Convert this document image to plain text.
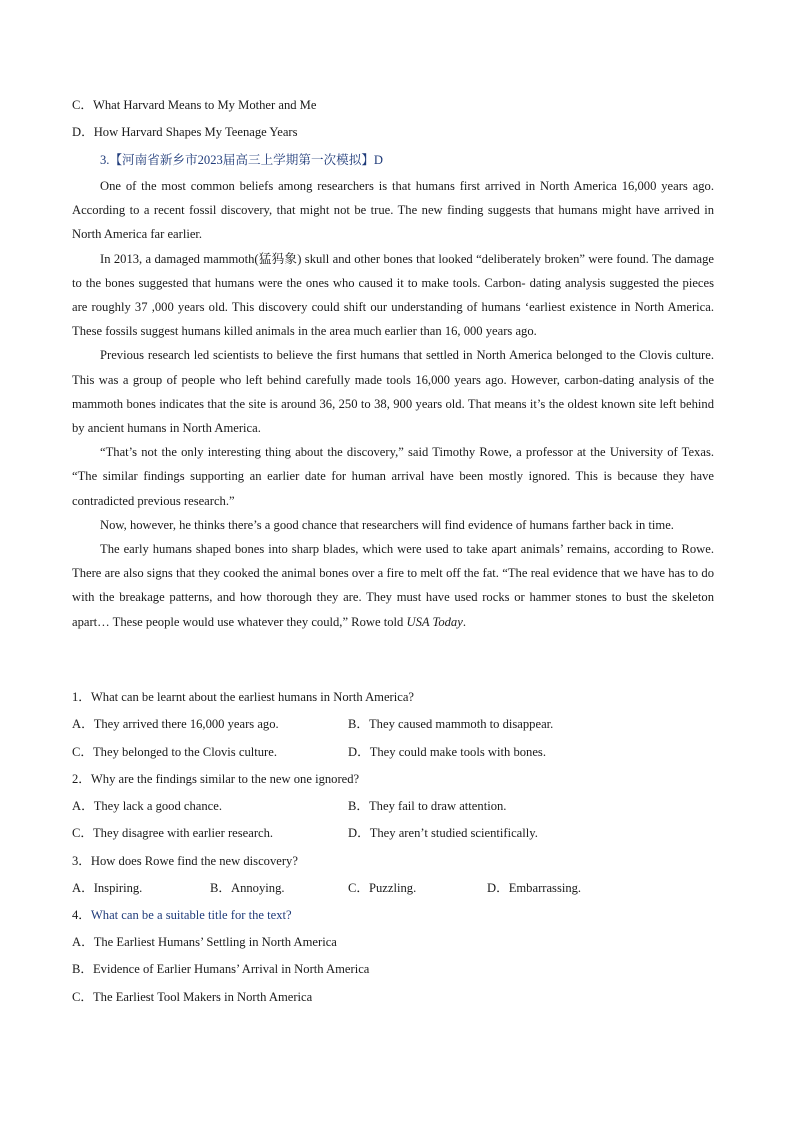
C．What Harvard Means to My Mother and Me
D．How Harvard Shapes My Teenage Years
3.【河南省新乡市2023届高三上学期第一次模拟】D

One of the most common beliefs among researchers is that humans first arrived in North America 16,000 years ago. According to a recent fossil discovery, that might not be true. The new finding suggests that humans might have arrived in North America far earlier.

In 2013, a damaged mammoth(猛犸象) skull and other bones that looked “deliberately broken” were found. The damage to the bones suggested that humans were the ones who caused it to make tools. Carbon- dating analysis suggested the pieces are roughly 37 ,000 years old. This discovery could shift our understanding of humans ‘earliest existence in North America. These fossils suggest humans killed animals in the area much earlier than 16, 000 years ago.

Previous research led scientists to believe the first humans that settled in North America belonged to the Clovis culture. This was a group of people who left behind carefully made tools 16,000 years ago. However, carbon-dating analysis of the mammoth bones indicates that the site is around 36, 250 to 38, 900 years old. That means it’s the oldest known site left behind by ancient humans in North America.

“That’s not the only interesting thing about the discovery,” said Timothy Rowe, a professor at the University of Texas. “The similar findings supporting an earlier date for human arrival have been mostly ignored. This is because they have contradicted previous research.”

Now, however, he thinks there’s a good chance that researchers will find evidence of humans farther back in time.

The early humans shaped bones into sharp blades, which were used to take apart animals’ remains, according to Rowe. There are also signs that they cooked the animal bones over a fire to melt off the fat. “The real evidence that we have has to do with the breakage patterns, and how thorough they are. They must have used rocks or hammer stones to bust the skeleton apart… These people would use whatever they could,” Rowe told USA Today.

1．What can be learnt about the earliest humans in North America?
A．They arrived there 16,000 years ago.	B．They caused mammoth to disappear.
C．They belonged to the Clovis culture.	D．They could make tools with bones.
2．Why are the findings similar to the new one ignored?
A．They lack a good chance.	B．They fail to draw attention.
C．They disagree with earlier research.	D．They aren’t studied scientifically.
3．How does Rowe find the new discovery?
A．Inspiring.	B．Annoying.	C．Puzzling.	D．Embarrassing.
4．What can be a suitable title for the text?
A．The Earliest Humans’ Settling in North America
B．Evidence of Earlier Humans’ Arrival in North America
C．The Earliest Tool Makers in North America
